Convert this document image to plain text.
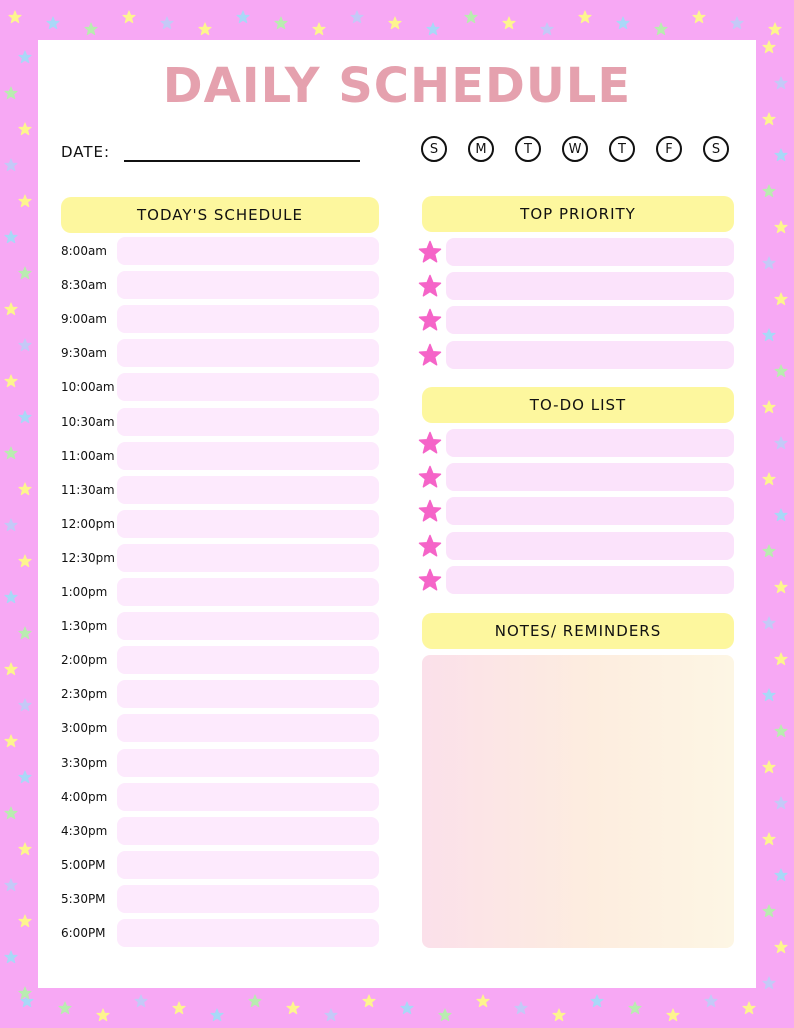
DAILY SCHEDULE
DATE:	S	M	T	W	T	F	S
TODAY'S SCHEDULE
8:00am
8:30am
9:00am
9:30am
10:00am
10:30am
11:00am
11:30am
12:00pm
12:30pm
1:00pm
1:30pm
2:00pm
2:30pm
3:00pm
3:30pm
4:00pm
4:30pm
5:00PM
5:30PM
6:00PM
TOP PRIORITY
TO-DO LIST
NOTES/ REMINDERS
